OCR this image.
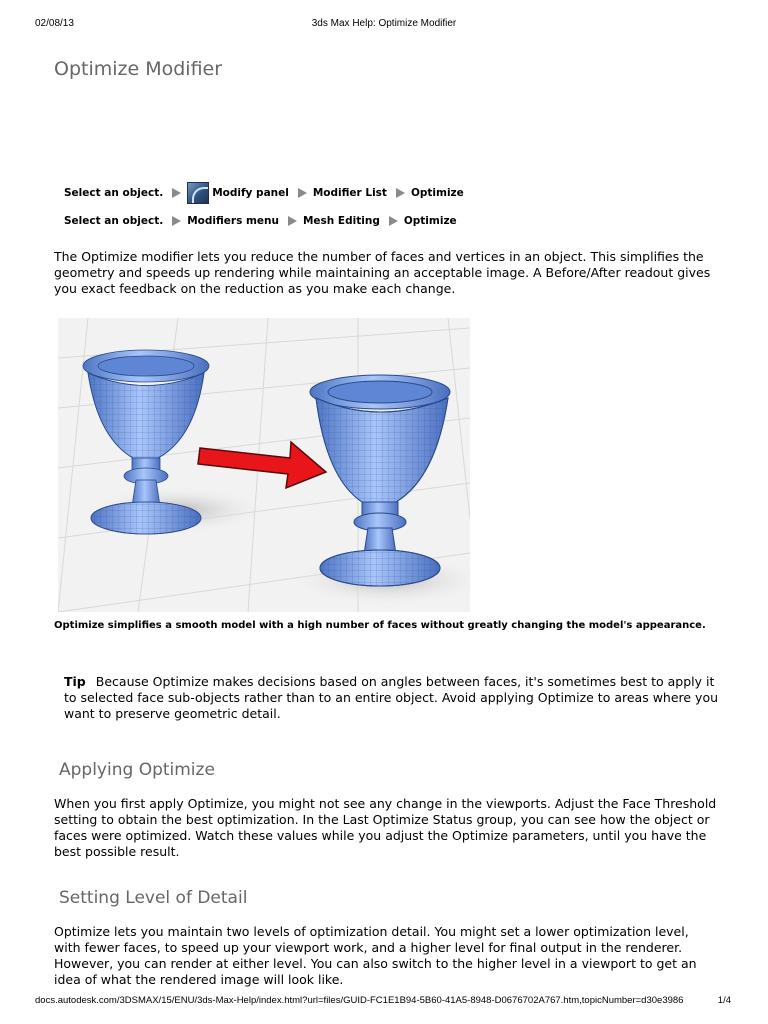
02/08/13	3ds Max Help: Optimize Modifier
Optimize Modifier
Select an object.	Modify panel Modifier List Optimize
Select an object. Modifiers menu Mesh Editing Optimize

The Optimize modifier lets you reduce the number of faces and vertices in an object. This simplifies the geometry and speeds up rendering while maintaining an acceptable image. A Before/After readout gives you exact feedback on the reduction as you make each change.

Optimize simplifies a smooth model with a high number of faces without greatly changing the model's appearance.

Tip Because Optimize makes decisions based on angles between faces, it's sometimes best to apply it to selected face sub-objects rather than to an entire object. Avoid applying Optimize to areas where you want to preserve geometric detail.

Applying Optimize

When you first apply Optimize, you might not see any change in the viewports. Adjust the Face Threshold setting to obtain the best optimization. In the Last Optimize Status group, you can see how the object or faces were optimized. Watch these values while you adjust the Optimize parameters, until you have the best possible result.

Setting Level of Detail

Optimize lets you maintain two levels of optimization detail. You might set a lower optimization level, with fewer faces, to speed up your viewport work, and a higher level for final output in the renderer. However, you can render at either level. You can also switch to the higher level in a viewport to get an idea of what the rendered image will look like.

docs.autodesk.com/3DSMAX/15/ENU/3ds-Max-Help/index.html?url=files/GUID-FC1E1B94-5B60-41A5-8948-D0676702A767.htm,topicNumber=d30e3986	1/4
